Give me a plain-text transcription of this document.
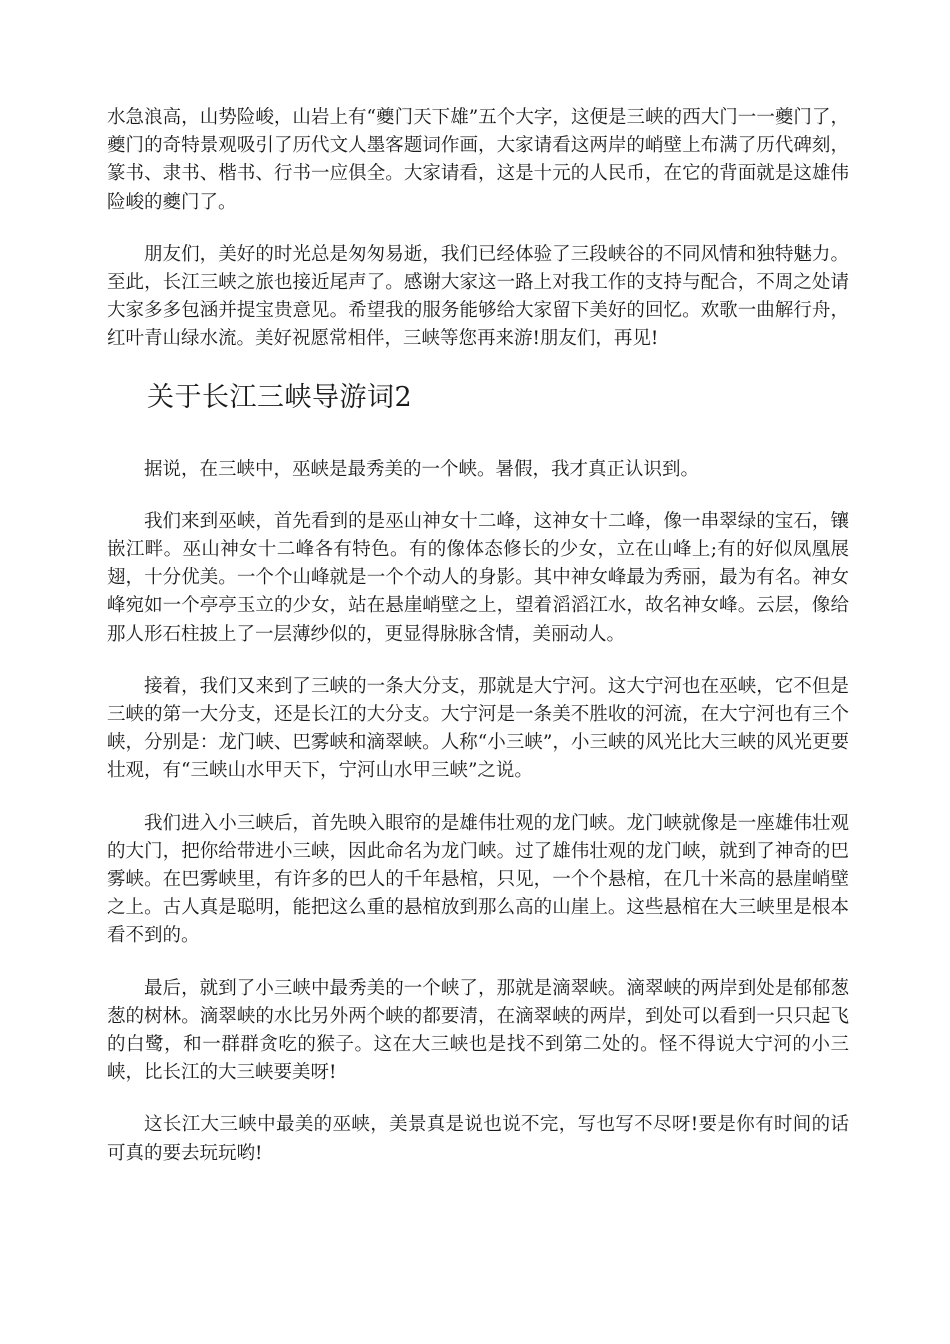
水急浪高，山势险峻，山岩上有“夔门天下雄”五个大字，这便是三峡的西大门一一夔门了，夔门的奇特景观吸引了历代文人墨客题词作画，大家请看这两岸的峭壁上布满了历代碑刻，篆书、隶书、楷书、行书一应俱全。大家请看，这是十元的人民币，在它的背面就是这雄伟险峻的夔门了。

朋友们，美好的时光总是匆匆易逝，我们已经体验了三段峡谷的不同风情和独特魅力。至此，长江三峡之旅也接近尾声了。感谢大家这一路上对我工作的支持与配合，不周之处请大家多多包涵并提宝贵意见。希望我的服务能够给大家留下美好的回忆。欢歌一曲解行舟，红叶青山绿水流。美好祝愿常相伴，三峡等您再来游!朋友们，再见!

关于长江三峡导游词2

据说，在三峡中，巫峡是最秀美的一个峡。暑假，我才真正认识到。

我们来到巫峡，首先看到的是巫山神女十二峰，这神女十二峰，像一串翠绿的宝石，镶嵌江畔。巫山神女十二峰各有特色。有的像体态修长的少女，立在山峰上;有的好似凤凰展翅，十分优美。一个个山峰就是一个个动人的身影。其中神女峰最为秀丽，最为有名。神女峰宛如一个亭亭玉立的少女，站在悬崖峭壁之上，望着滔滔江水，故名神女峰。云层，像给那人形石柱披上了一层薄纱似的，更显得脉脉含情，美丽动人。

接着，我们又来到了三峡的一条大分支，那就是大宁河。这大宁河也在巫峡，它不但是三峡的第一大分支，还是长江的大分支。大宁河是一条美不胜收的河流，在大宁河也有三个峡，分别是：龙门峡、巴雾峡和滴翠峡。人称“小三峡”，小三峡的风光比大三峡的风光更要壮观，有“三峡山水甲天下，宁河山水甲三峡”之说。

我们进入小三峡后，首先映入眼帘的是雄伟壮观的龙门峡。龙门峡就像是一座雄伟壮观的大门，把你给带进小三峡，因此命名为龙门峡。过了雄伟壮观的龙门峡，就到了神奇的巴雾峡。在巴雾峡里，有许多的巴人的千年悬棺，只见，一个个悬棺，在几十米高的悬崖峭壁之上。古人真是聪明，能把这么重的悬棺放到那么高的山崖上。这些悬棺在大三峡里是根本看不到的。

最后，就到了小三峡中最秀美的一个峡了，那就是滴翠峡。滴翠峡的两岸到处是郁郁葱葱的树林。滴翠峡的水比另外两个峡的都要清，在滴翠峡的两岸，到处可以看到一只只起飞的白鹭，和一群群贪吃的猴子。这在大三峡也是找不到第二处的。怪不得说大宁河的小三峡，比长江的大三峡要美呀!

这长江大三峡中最美的巫峡，美景真是说也说不完，写也写不尽呀!要是你有时间的话可真的要去玩玩哟!
